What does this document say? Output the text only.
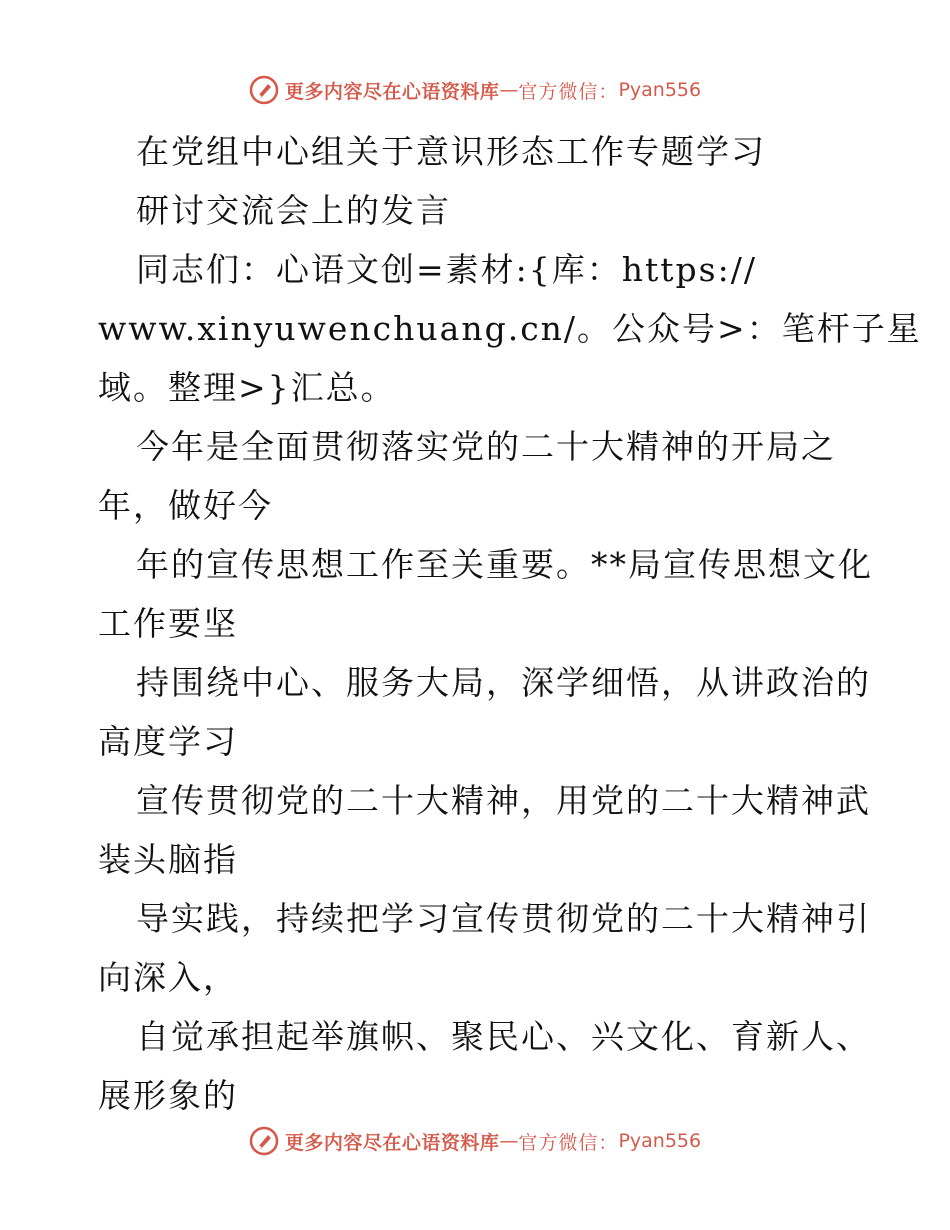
更多内容尽在心语资料库 — 官方微信： Pyan556
在党组中心组关于意识形态工作专题学习
研讨交流会上的发言
同志们：心语文创=素材:{库：https://
www.xinyuwenchuang.cn/。公众号>：笔杆子星
域。整理>}汇总。
今年是全面贯彻落实党的二十大精神的开局之
年，做好今
年的宣传思想工作至关重要。**局宣传思想文化
工作要坚
持围绕中心、服务大局，深学细悟，从讲政治的
高度学习
宣传贯彻党的二十大精神，用党的二十大精神武
装头脑指
导实践，持续把学习宣传贯彻党的二十大精神引
向深入，
自觉承担起举旗帜、聚民心、兴文化、育新人、
展形象的
更多内容尽在心语资料库 — 官方微信： Pyan556
